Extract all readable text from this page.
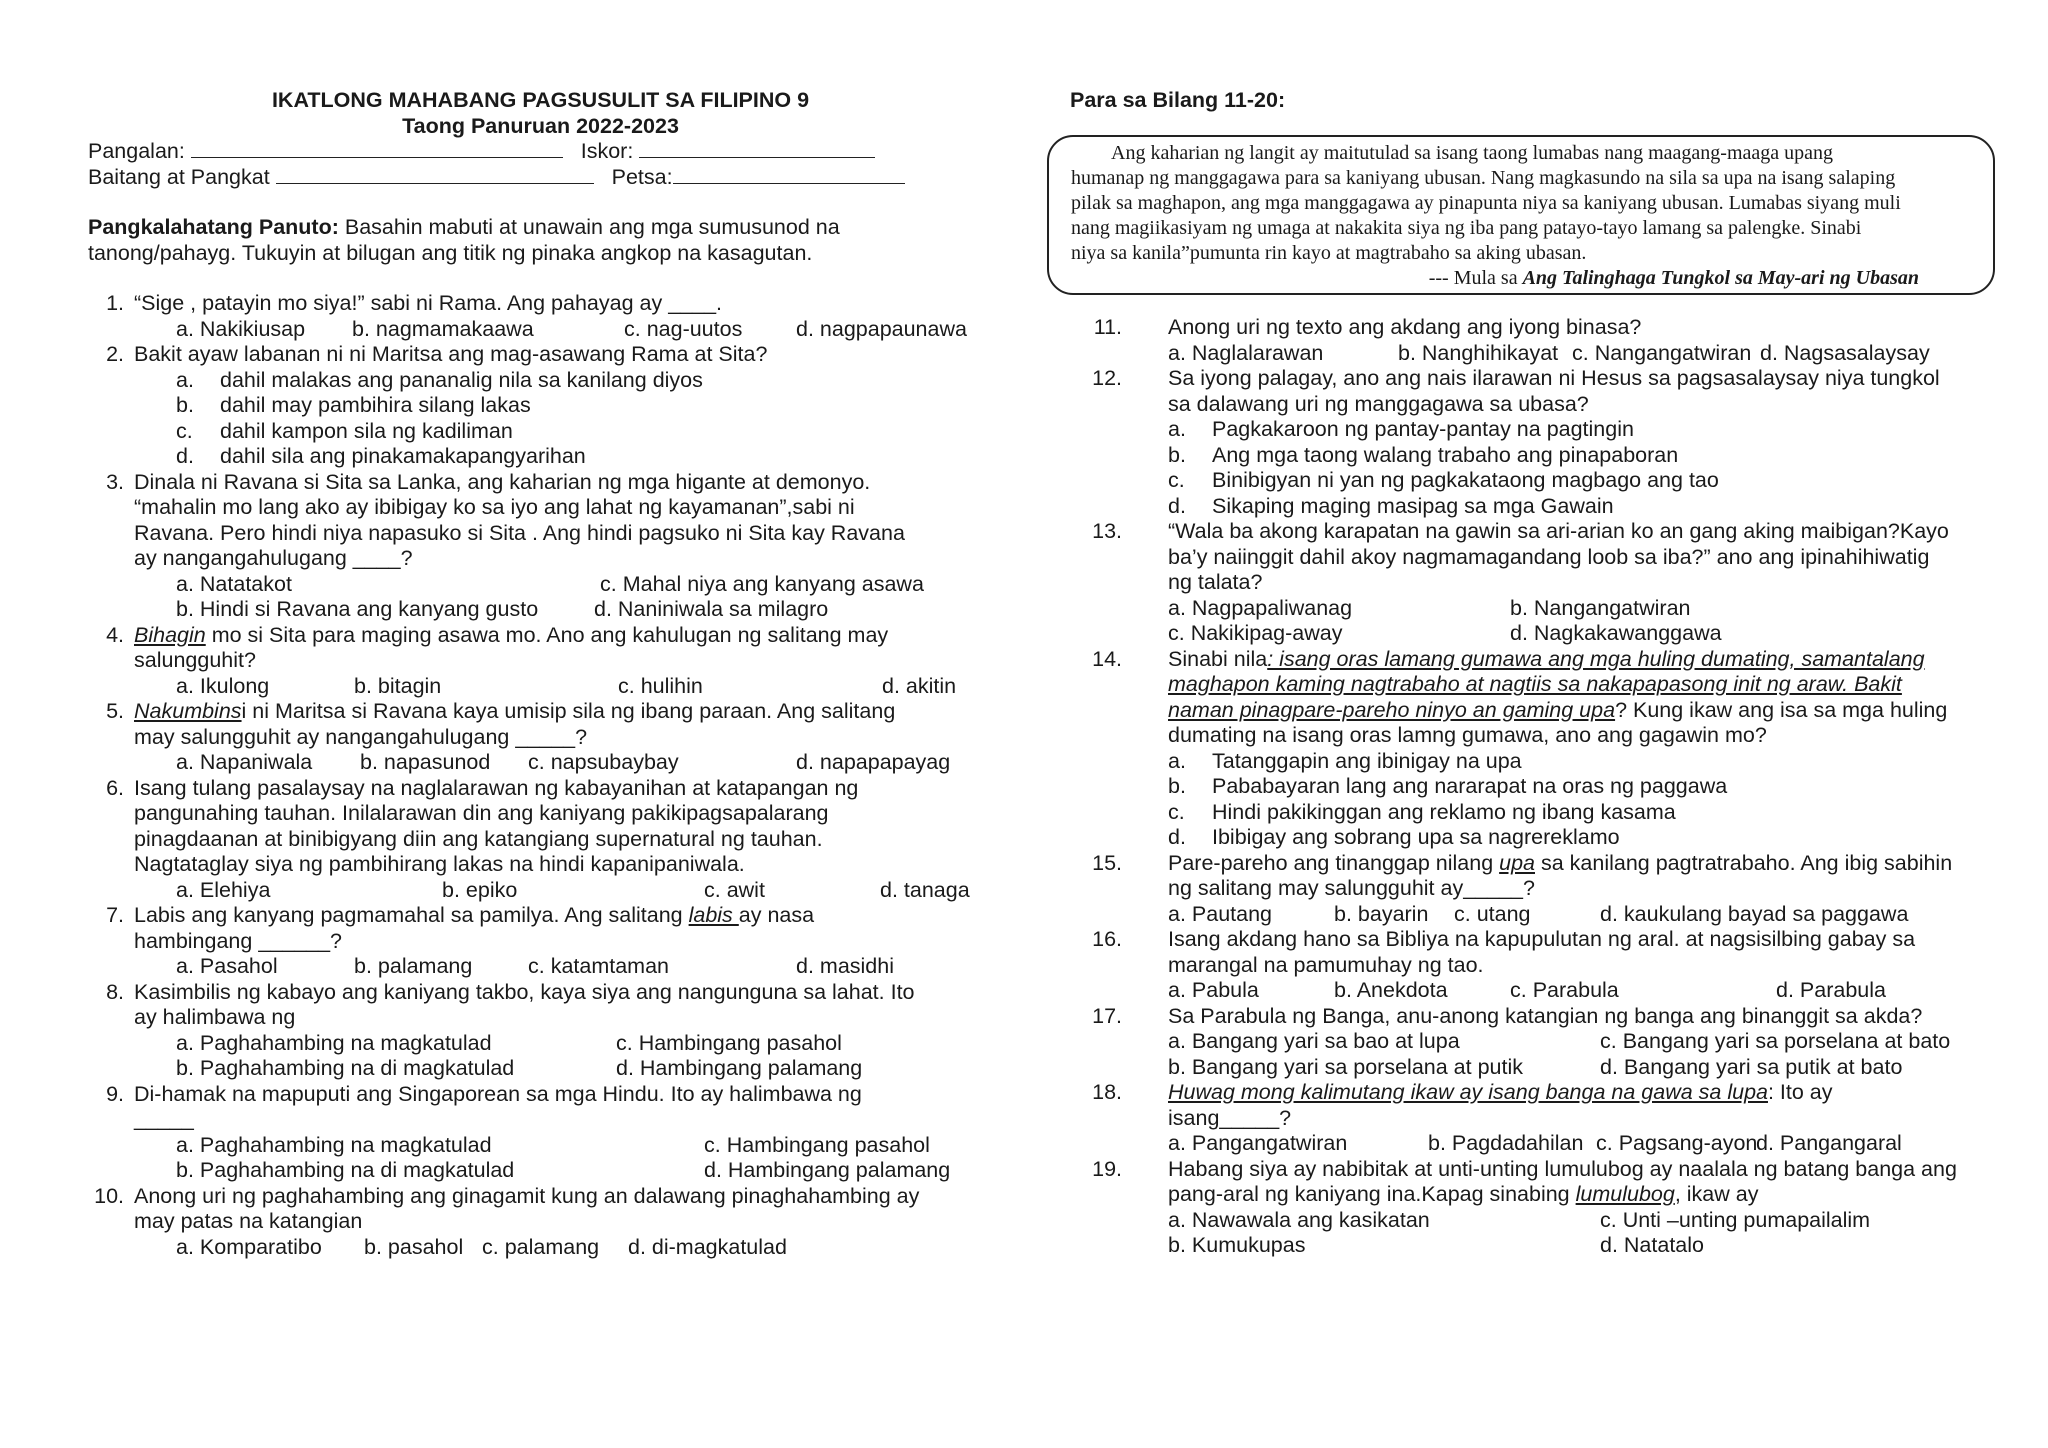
IKATLONG MAHABANG PAGSUSULIT SA FILIPINO 9
Taong Panuruan 2022-2023
Pangalan:	Iskor:
Baitang at Pangkat	Petsa:
Pangkalahatang Panuto: Basahin mabuti at unawain ang mga sumusunod na
tanong/pahayg. Tukuyin at bilugan ang titik ng pinaka angkop na kasagutan.
1. “Sige , patayin mo siya!” sabi ni Rama. Ang pahayag ay ____.
a. Nakikiusap b. nagmamakaawa	c. nag-uutos d. nagpapaunawa
2. Bakit ayaw labanan ni ni Maritsa ang mag-asawang Rama at Sita?
a. dahil malakas ang pananalig nila sa kanilang diyos
b. dahil may pambihira silang lakas
c. dahil kampon sila ng kadiliman
d. dahil sila ang pinakamakapangyarihan
3. Dinala ni Ravana si Sita sa Lanka, ang kaharian ng mga higante at demonyo.
“mahalin mo lang ako ay ibibigay ko sa iyo ang lahat ng kayamanan”,sabi ni
Ravana. Pero hindi niya napasuko si Sita . Ang hindi pagsuko ni Sita kay Ravana
ay nangangahulugang ____?
a. Natatakot	c. Mahal niya ang kanyang asawa
b. Hindi si Ravana ang kanyang gusto	d. Naniniwala sa milagro
4. Bihagin mo si Sita para maging asawa mo. Ano ang kahulugan ng salitang may
salungguhit?
a. Ikulong	b. bitagin	c. hulihin	d. akitin
5. Nakumbinsi ni Maritsa si Ravana kaya umisip sila ng ibang paraan. Ang salitang
may salungguhit ay nangangahulugang _____?
a. Napaniwala b. napasunod c. napsubaybay	d. napapapayag
6. Isang tulang pasalaysay na naglalarawan ng kabayanihan at katapangan ng
pangunahing tauhan. Inilalarawan din ang kaniyang pakikipagsapalarang
pinagdaanan at binibigyang diin ang katangiang supernatural ng tauhan.
Nagtataglay siya ng pambihirang lakas na hindi kapanipaniwala.
a. Elehiya	b. epiko	c. awit	d. tanaga
7. Labis ang kanyang pagmamahal sa pamilya. Ang salitang labis ay nasa
hambingang ______?
a. Pasahol	b. palamang	c. katamtaman	d. masidhi
8. Kasimbilis ng kabayo ang kaniyang takbo, kaya siya ang nangunguna sa lahat. Ito
ay halimbawa ng
a. Paghahambing na magkatulad	c. Hambingang pasahol
b. Paghahambing na di magkatulad	d. Hambingang palamang
9. Di-hamak na mapuputi ang Singaporean sa mga Hindu. Ito ay halimbawa ng
_____
a. Paghahambing na magkatulad	c. Hambingang pasahol
b. Paghahambing na di magkatulad	d. Hambingang palamang
10. Anong uri ng paghahambing ang ginagamit kung an dalawang pinaghahambing ay
may patas na katangian
a. Komparatibo b. pasahol c. palamang d. di-magkatulad
Para sa Bilang 11-20:
Ang kaharian ng langit ay maitutulad sa isang taong lumabas nang maagang-maaga upang
humanap ng manggagawa para sa kaniyang ubusan. Nang magkasundo na sila sa upa na isang salaping
pilak sa maghapon, ang mga manggagawa ay pinapunta niya sa kaniyang ubusan. Lumabas siyang muli
nang magiikasiyam ng umaga at nakakita siya ng iba pang patayo-tayo lamang sa palengke. Sinabi
niya sa kanila”pumunta rin kayo at magtrabaho sa aking ubasan.
--- Mula sa Ang Talinghaga Tungkol sa May-ari ng Ubasan
11. Anong uri ng texto ang akdang ang iyong binasa?
a. Naglalarawan	b. Nanghihikayat c. Nangangatwiran d. Nagsasalaysay
12. Sa iyong palagay, ano ang nais ilarawan ni Hesus sa pagsasalaysay niya tungkol
sa dalawang uri ng manggagawa sa ubasa?
a. Pagkakaroon ng pantay-pantay na pagtingin
b. Ang mga taong walang trabaho ang pinapaboran
c. Binibigyan ni yan ng pagkakataong magbago ang tao
d. Sikaping maging masipag sa mga Gawain
13. “Wala ba akong karapatan na gawin sa ari-arian ko an gang aking maibigan?Kayo
ba’y naiinggit dahil akoy nagmamagandang loob sa iba?” ano ang ipinahihiwatig
ng talata?
a. Nagpapaliwanag	b. Nangangatwiran
c. Nakikipag-away	d. Nagkakawanggawa
14. Sinabi nila: isang oras lamang gumawa ang mga huling dumating, samantalang
maghapon kaming nagtrabaho at nagtiis sa nakapapasong init ng araw. Bakit
naman pinagpare-pareho ninyo an gaming upa? Kung ikaw ang isa sa mga huling
dumating na isang oras lamng gumawa, ano ang gagawin mo?
a. Tatanggapin ang ibinigay na upa
b. Pababayaran lang ang nararapat na oras ng paggawa
c. Hindi pakikinggan ang reklamo ng ibang kasama
d. Ibibigay ang sobrang upa sa nagrereklamo
15. Pare-pareho ang tinanggap nilang upa sa kanilang pagtratrabaho. Ang ibig sabihin
ng salitang may salungguhit ay_____?
a. Pautang	b. bayarin c. utang	d. kaukulang bayad sa paggawa
16. Isang akdang hano sa Bibliya na kapupulutan ng aral. at nagsisilbing gabay sa
marangal na pamumuhay ng tao.
a. Pabula	b. Anekdota	c. Parabula	d. Parabula
17. Sa Parabula ng Banga, anu-anong katangian ng banga ang binanggit sa akda?
a. Bangang yari sa bao at lupa	c. Bangang yari sa porselana at bato
b. Bangang yari sa porselana at putik	d. Bangang yari sa putik at bato
18. Huwag mong kalimutang ikaw ay isang banga na gawa sa lupa: Ito ay
isang_____?
a. Pangangatwiran	b. Pagdadahilan c. Pagsang-ayon
d. Pangangaral
19. Habang siya ay nabibitak at unti-unting lumulubog ay naalala ng batang banga ang
pang-aral ng kaniyang ina.Kapag sinabing lumulubog, ikaw ay
a. Nawawala ang kasikatan	c. Unti –unting pumapailalim
b. Kumukupas	d. Natatalo
